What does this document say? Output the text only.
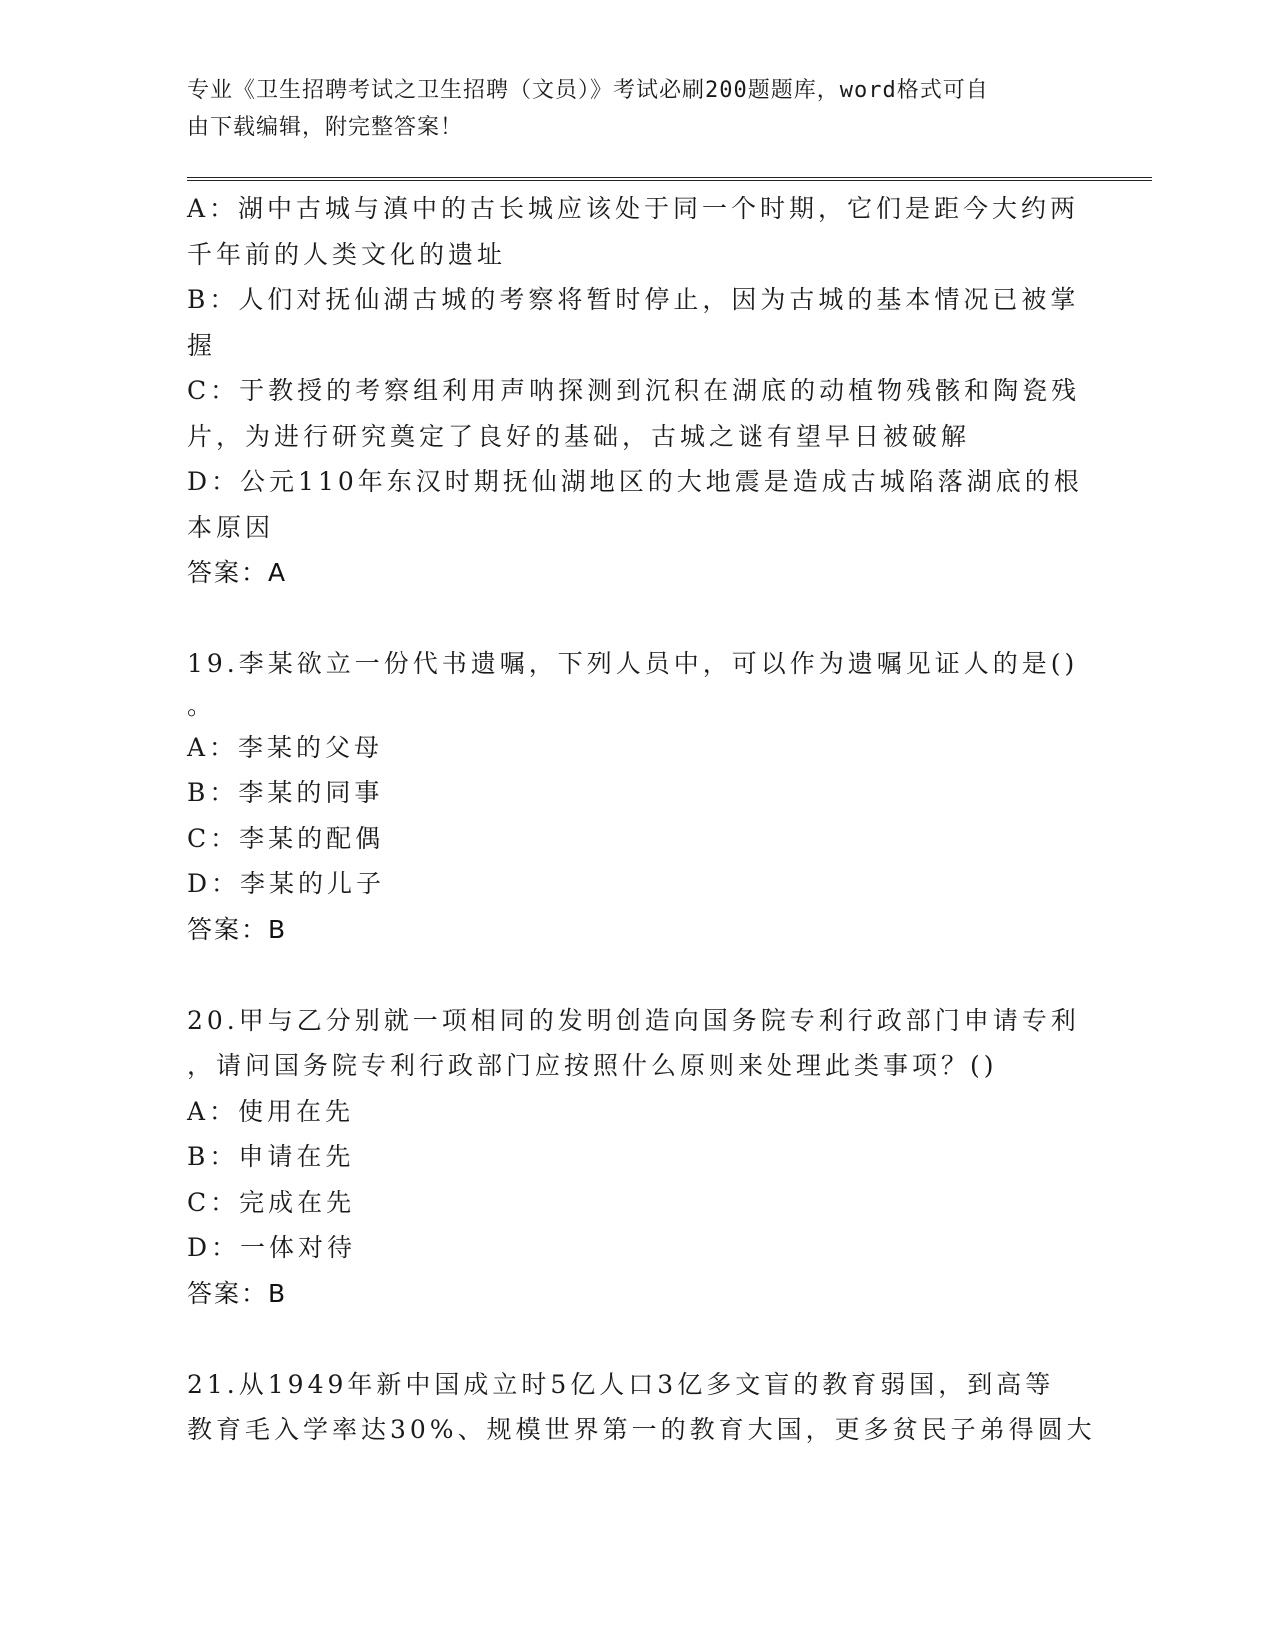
专业《卫生招聘考试之卫生招聘（文员）》考试必刷200题题库，word格式可自
由下载编辑，附完整答案！
A：湖中古城与滇中的古长城应该处于同一个时期，它们是距今大约两
千年前的人类文化的遗址
B：人们对抚仙湖古城的考察将暂时停止，因为古城的基本情况已被掌
握
C：于教授的考察组利用声呐探测到沉积在湖底的动植物残骸和陶瓷残
片，为进行研究奠定了良好的基础，古城之谜有望早日被破解
D：公元110年东汉时期抚仙湖地区的大地震是造成古城陷落湖底的根
本原因
答案：A
19.李某欲立一份代书遗嘱，下列人员中，可以作为遗嘱见证人的是()
。
A：李某的父母
B：李某的同事
C：李某的配偶
D：李某的儿子
答案：B
20.甲与乙分别就一项相同的发明创造向国务院专利行政部门申请专利
，请问国务院专利行政部门应按照什么原则来处理此类事项？()
A：使用在先
B：申请在先
C：完成在先
D：一体对待
答案：B
21.从1949年新中国成立时5亿人口3亿多文盲的教育弱国，到高等
教育毛入学率达30%、规模世界第一的教育大国，更多贫民子弟得圆大
